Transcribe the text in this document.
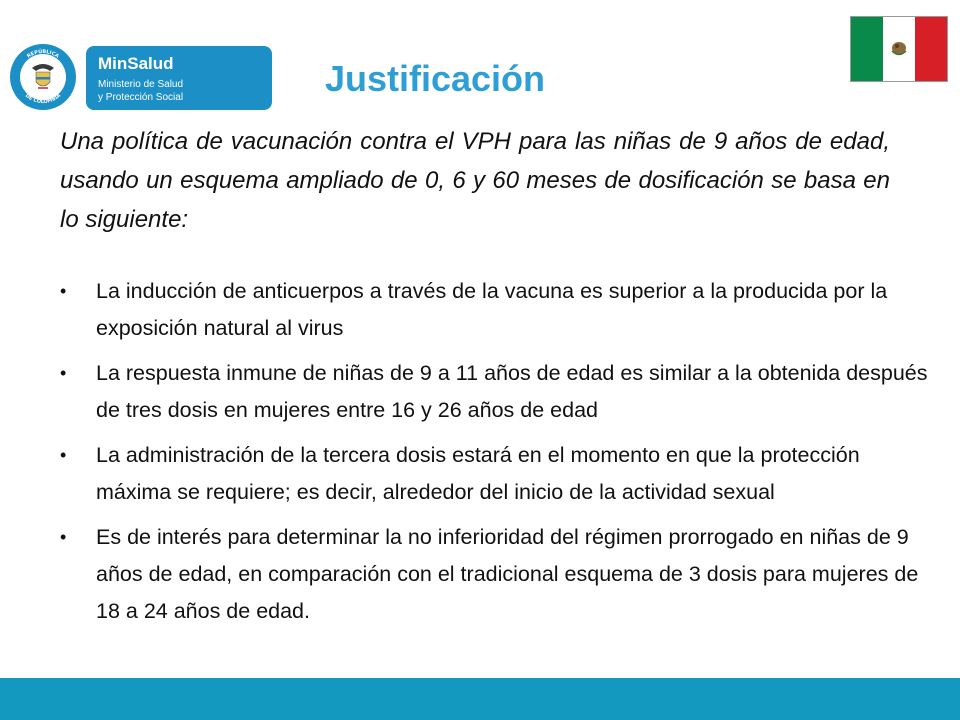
REPÚBLICA
DE COLOMBIA
MinSalud
Ministerio de Salud
y Protección Social	Justificación
Una política de vacunación contra el VPH para las niñas de 9 años de edad, usando un esquema ampliado de 0, 6 y 60 meses de dosificación se basa en lo siguiente:
• La inducción de anticuerpos a través de la vacuna es superior a la producida por la exposición natural al virus
• La respuesta inmune de niñas de 9 a 11 años de edad es similar a la obtenida después de tres dosis en mujeres entre 16 y 26 años de edad
• La administración de la tercera dosis estará en el momento en que la protección máxima se requiere; es decir, alrededor del inicio de la actividad sexual
• Es de interés para determinar la no inferioridad del régimen prorrogado en niñas de 9 años de edad, en comparación con el tradicional esquema de 3 dosis para mujeres de 18 a 24 años de edad.
